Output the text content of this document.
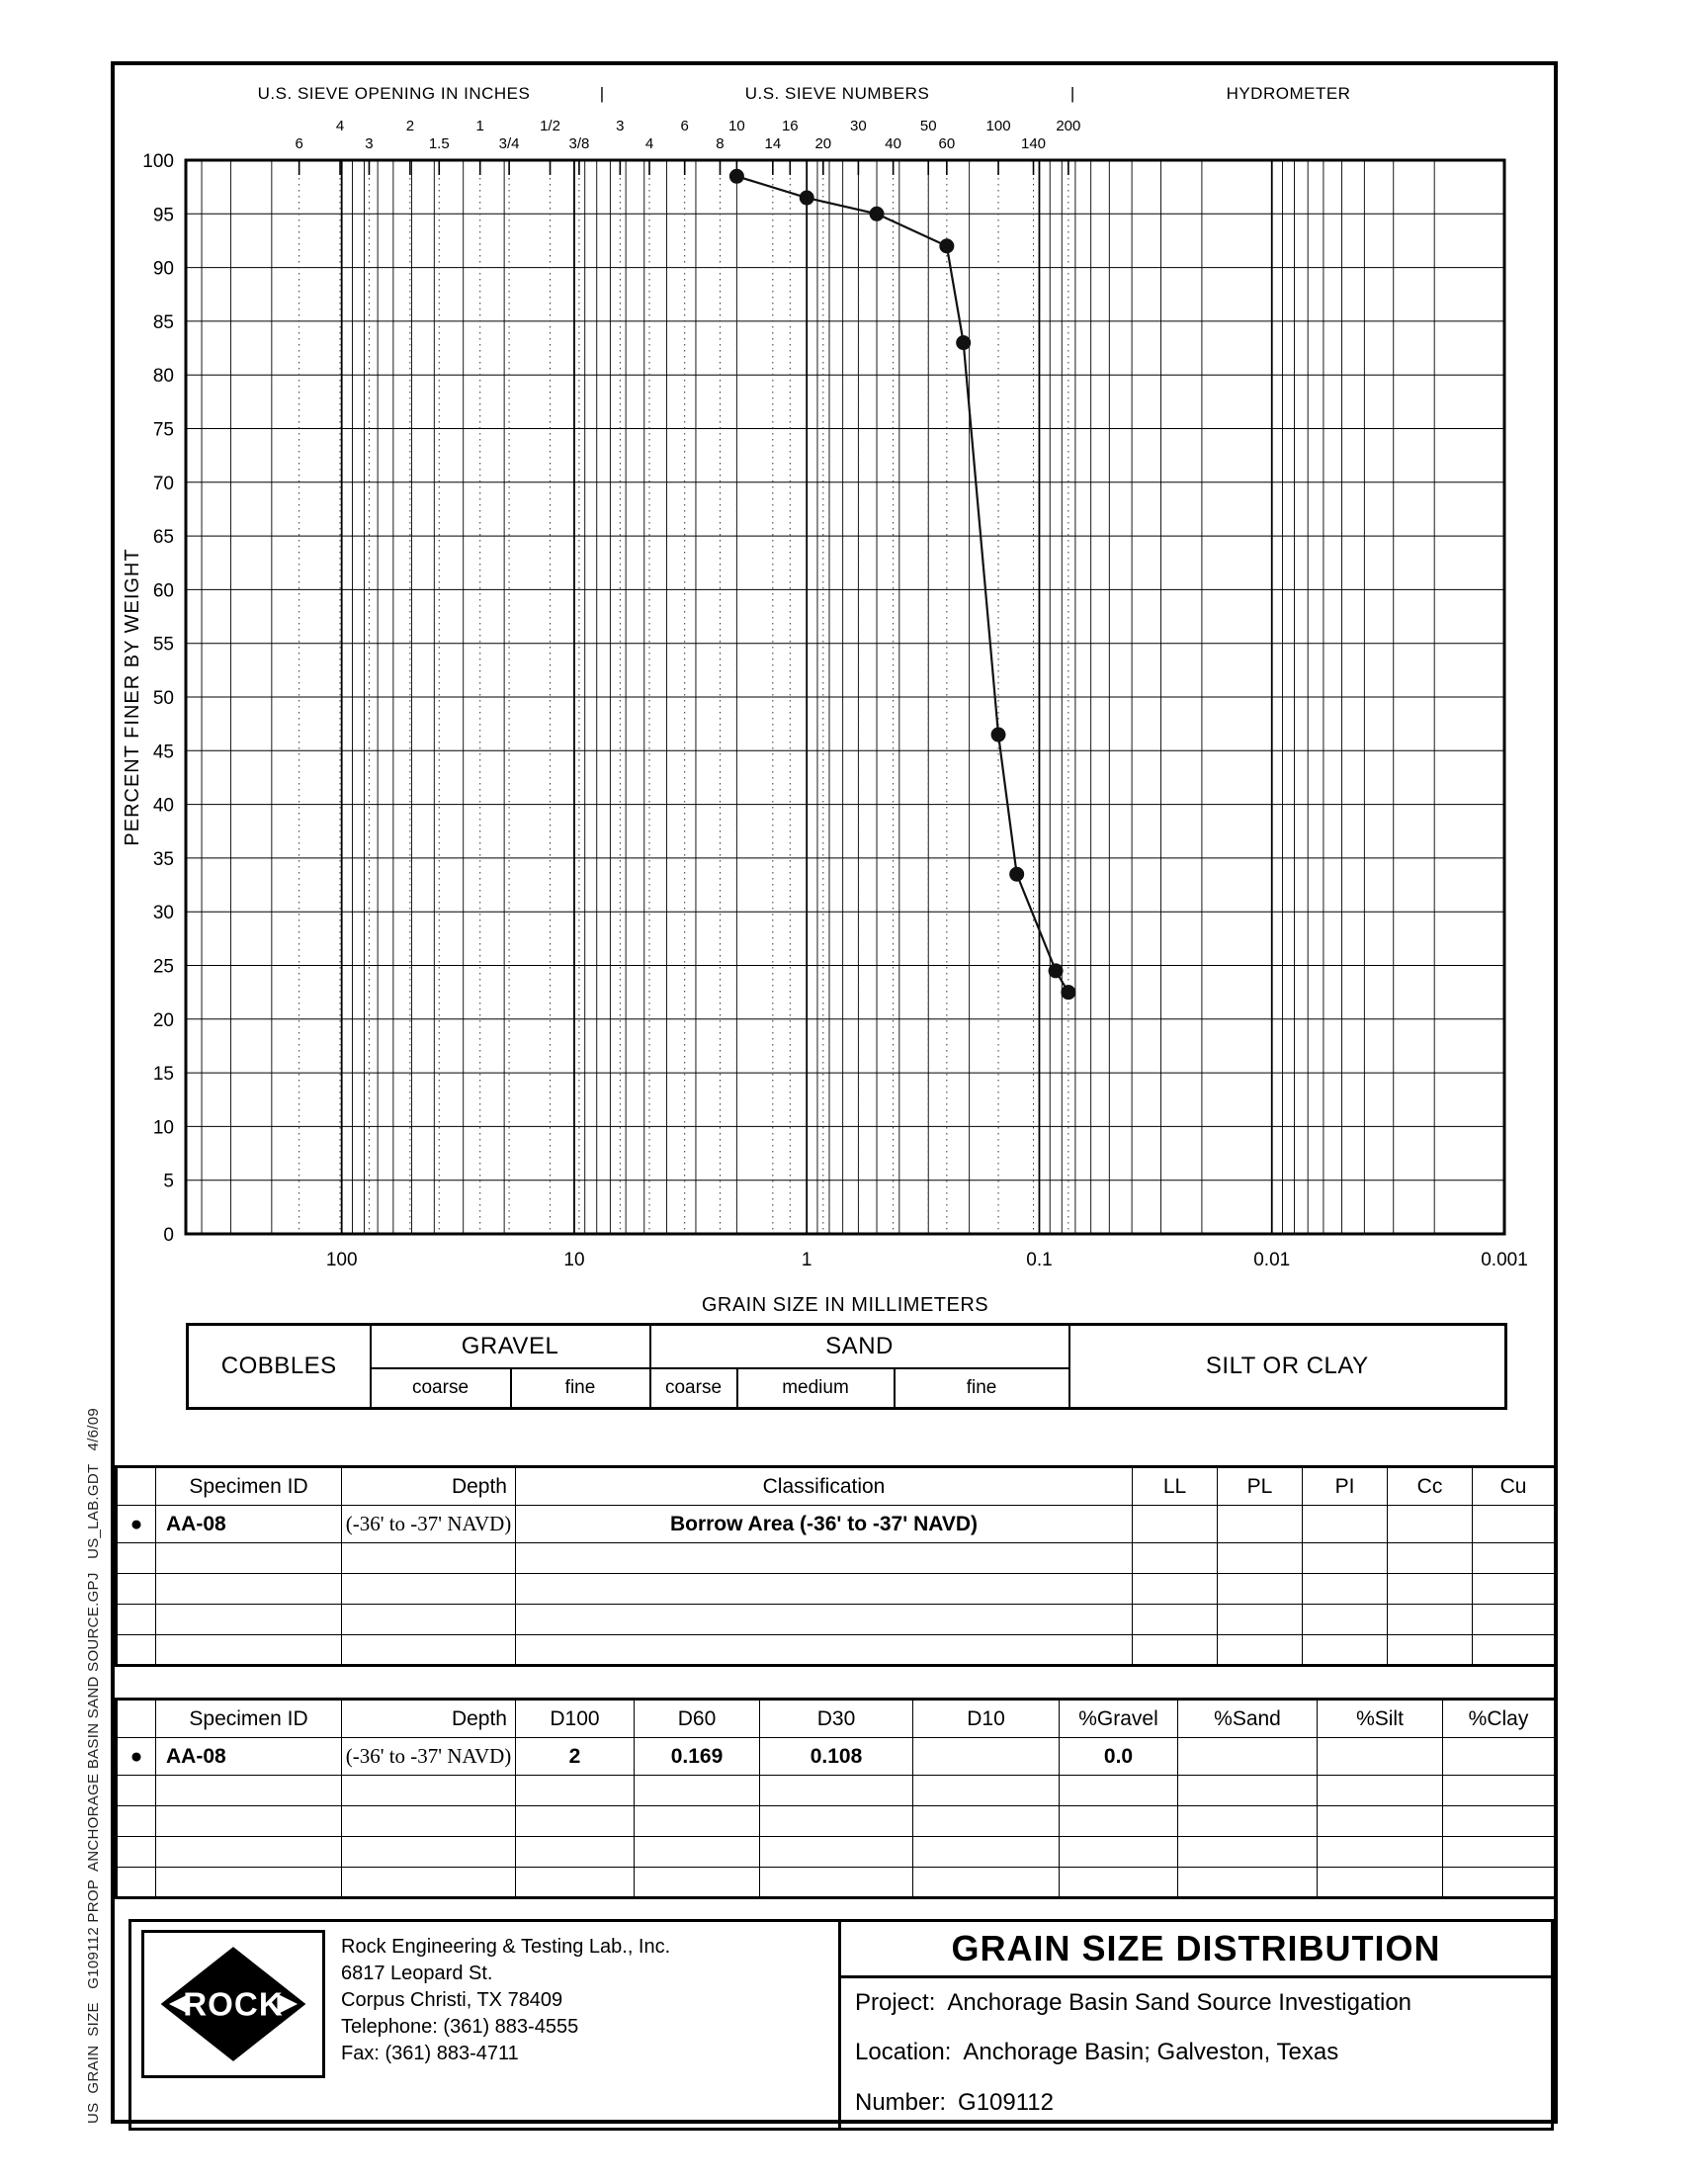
US  GRAIN  SIZE   G109112 PROP  ANCHORAGE BASIN SAND SOURCE.GPJ   US_LAB.GDT   4/6/09
0
5
10
15
20
25
30
35
40
45
50
55
60
65
70
75
80
85
90
95
100
6
4
3
2
1.5
1
3/4
1/2
3/8
3
4
6
8
10
14
16
20
30
40
50
60
100
140
200
U.S. SIEVE OPENING IN INCHES	U.S. SIEVE NUMBERS	HYDROMETER
|	|
100	10	1	0.1	0.01	0.001
PERCENT FINER BY WEIGHT
GRAIN SIZE IN MILLIMETERS
COBBLES	GRAVEL		SAND			SILT OR CLAY
	coarse	fine	coarse	medium	fine	
	Specimen ID	Depth	Classification	LL	PL	PI	Cc	Cu
●	AA-08	(-36' to -37' NAVD)	Borrow Area (-36' to -37' NAVD)					

	Specimen ID	Depth	D100	D60	D30	D10	%Gravel	%Sand	%Silt	%Clay
●	AA-08	(-36' to -37' NAVD)	2	0.169	0.108		0.0			

ROCK
Rock Engineering & Testing Lab., Inc.
6817 Leopard St.
Corpus Christi, TX 78409
Telephone: (361) 883-4555
Fax: (361) 883-4711
GRAIN SIZE DISTRIBUTION
Project: Anchorage Basin Sand Source Investigation
Location: Anchorage Basin; Galveston, Texas
Number: G109112
